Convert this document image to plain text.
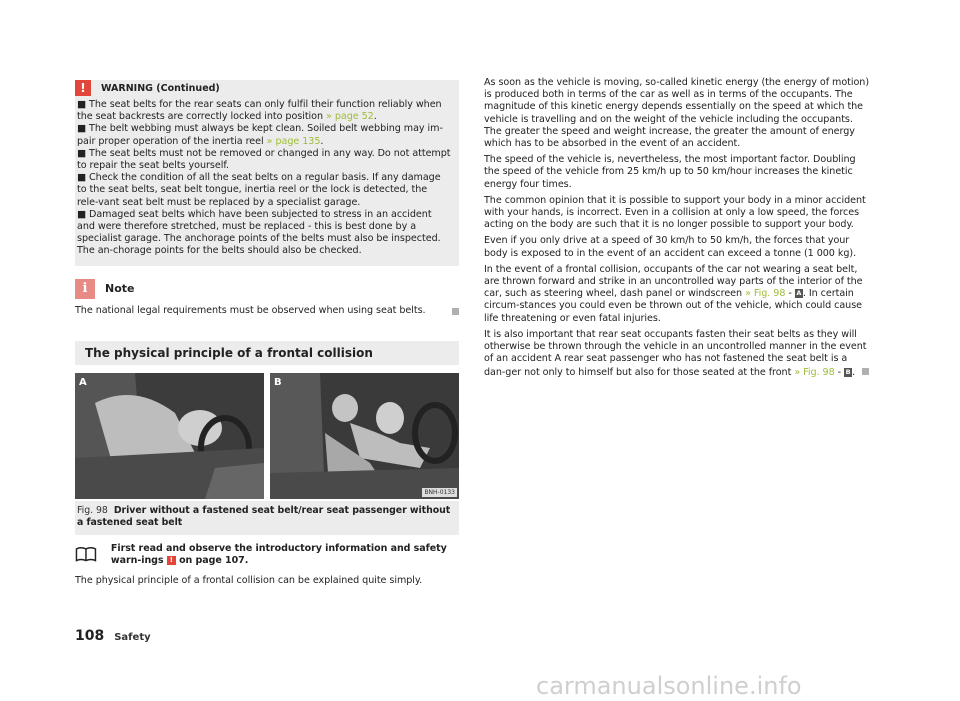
!	WARNING (Continued)

■ The seat belts for the rear seats can only fulfil their function reliably when the seat backrests are correctly locked into position » page 52.

■ The belt webbing must always be kept clean. Soiled belt webbing may im-pair proper operation of the inertia reel » page 135.

■ The seat belts must not be removed or changed in any way. Do not attempt to repair the seat belts yourself.

■ Check the condition of all the seat belts on a regular basis. If any damage to the seat belts, seat belt tongue, inertia reel or the lock is detected, the rele-vant seat belt must be replaced by a specialist garage.

■ Damaged seat belts which have been subjected to stress in an accident and were therefore stretched, must be replaced - this is best done by a specialist garage. The anchorage points of the belts must also be inspected. The an-chorage points for the belts should also be checked.

i	Note

The national legal requirements must be observed when using seat belts.

The physical principle of a frontal collision
A	B
BNH-0133

Fig. 98 Driver without a fastened seat belt/rear seat passenger without a fastened seat belt

First read and observe the introductory information and safety warn-ings ! on page 107.

The physical principle of a frontal collision can be explained quite simply.

As soon as the vehicle is moving, so-called kinetic energy (the energy of motion) is produced both in terms of the car as well as in terms of the occupants. The magnitude of this kinetic energy depends essentially on the speed at which the vehicle is travelling and on the weight of the vehicle including the occupants. The greater the speed and weight increase, the greater the amount of energy which has to be absorbed in the event of an accident.

The speed of the vehicle is, nevertheless, the most important factor. Doubling the speed of the vehicle from 25 km/h up to 50 km/hour increases the kinetic energy four times.

The common opinion that it is possible to support your body in a minor accident with your hands, is incorrect. Even in a collision at only a low speed, the forces acting on the body are such that it is no longer possible to support your body.

Even if you only drive at a speed of 30 km/h to 50 km/h, the forces that your body is exposed to in the event of an accident can exceed a tonne (1 000 kg).

In the event of a frontal collision, occupants of the car not wearing a seat belt, are thrown forward and strike in an uncontrolled way parts of the interior of the car, such as steering wheel, dash panel or windscreen » Fig. 98 - A . In certain circum-stances you could even be thrown out of the vehicle, which could cause life threatening or even fatal injuries.

It is also important that rear seat occupants fasten their seat belts as they will otherwise be thrown through the vehicle in an uncontrolled manner in the event of an accident A rear seat passenger who has not fastened the seat belt is a dan-ger not only to himself but also for those seated at the front » Fig. 98 - B .

108 Safety
carmanualsonline.info
